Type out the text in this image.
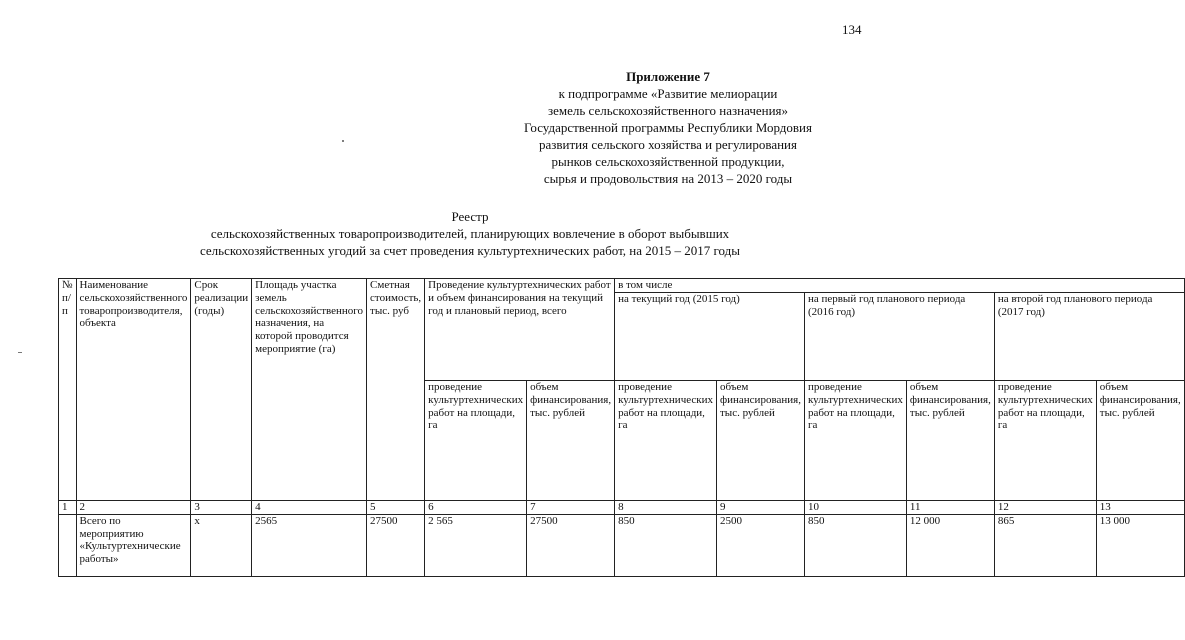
134
Приложение 7
к подпрограмме «Развитие мелиорации
земель сельскохозяйственного назначения»
Государственной программы Республики Мордовия
развития сельского хозяйства и регулирования
рынков сельскохозяйственной продукции,
сырья и продовольствия на 2013 – 2020 годы
Реестр
сельскохозяйственных товаропроизводителей, планирующих вовлечение в оборот выбывших
сельскохозяйственных угодий за счет проведения культуртехнических работ, на 2015 – 2017 годы
№ п/п	Наименование сельскохозяйственного товаропроизводителя, объекта	Срок реализации (годы)	Площадь участка земель сельскохозяйственного назначения, на которой проводится мероприятие (га)	Сметная стоимость, тыс. руб	Проведение культуртехнических работ и объем финансирования на текущий год и плановый период, всего		в том числе					
							на текущий год (2015 год)		на первый год планового периода (2016 год)		на второй год планового периода (2017 год)	
					проведение культуртехнических работ на площади, га	объем финансирования, тыс. рублей	проведение культуртехнических работ на площади, га	объем финансирования, тыс. рублей	проведение культуртехнических работ на площади, га	объем финансирования, тыс. рублей	проведение культуртехнических работ на площади, га	объем финансирования, тыс. рублей
1	2	3	4	5	6	7	8	9	10	11	12	13
	Всего по мероприятию «Культуртехнические работы»	х	2565	27500	2 565	27500	850	2500	850	12 000	865	13 000
